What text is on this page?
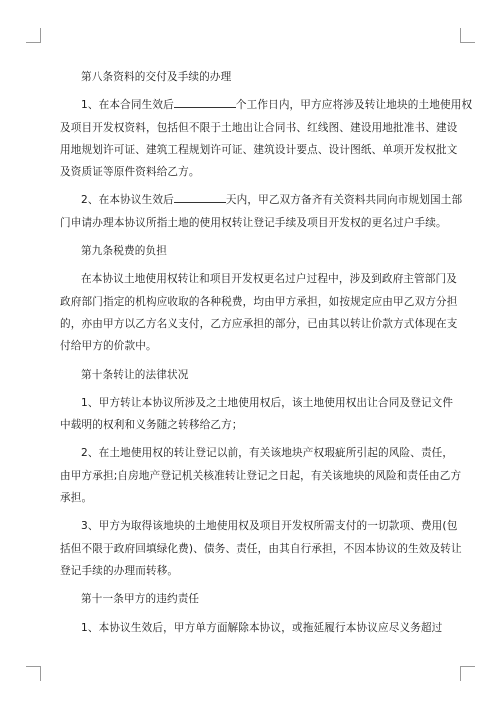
第八条资料的交付及手续的办理
1、在本合同生效后	个工作日内，甲方应将涉及转让地块的土地使用权
及项目开发权资料，包括但不限于土地出让合同书、红线图、建设用地批准书、建设
用地规划许可证、建筑工程规划许可证、建筑设计要点、设计图纸、单项开发权批文
及资质证等原件资料给乙方。
2、在本协议生效后	天内，甲乙双方备齐有关资料共同向市规划国土部
门申请办理本协议所指土地的使用权转让登记手续及项目开发权的更名过户手续。
第九条税费的负担
在本协议土地使用权转让和项目开发权更名过户过程中，涉及到政府主管部门及
政府部门指定的机构应收取的各种税费，均由甲方承担，如按规定应由甲乙双方分担
的，亦由甲方以乙方名义支付，乙方应承担的部分，已由其以转让价款方式体现在支
付给甲方的价款中。
第十条转让的法律状况
1、甲方转让本协议所涉及之土地使用权后，该土地使用权出让合同及登记文件
中载明的权利和义务随之转移给乙方；
2、在土地使用权的转让登记以前，有关该地块产权瑕疵所引起的风险、责任，
由甲方承担;自房地产登记机关核准转让登记之日起，有关该地块的风险和责任由乙方
承担。
3、甲方为取得该地块的土地使用权及项目开发权所需支付的一切款项、费用(包
括但不限于政府回填绿化费)、债务、责任，由其自行承担，不因本协议的生效及转让
登记手续的办理而转移。
第十一条甲方的违约责任
1、本协议生效后，甲方单方面解除本协议，或拖延履行本协议应尽义务超过
